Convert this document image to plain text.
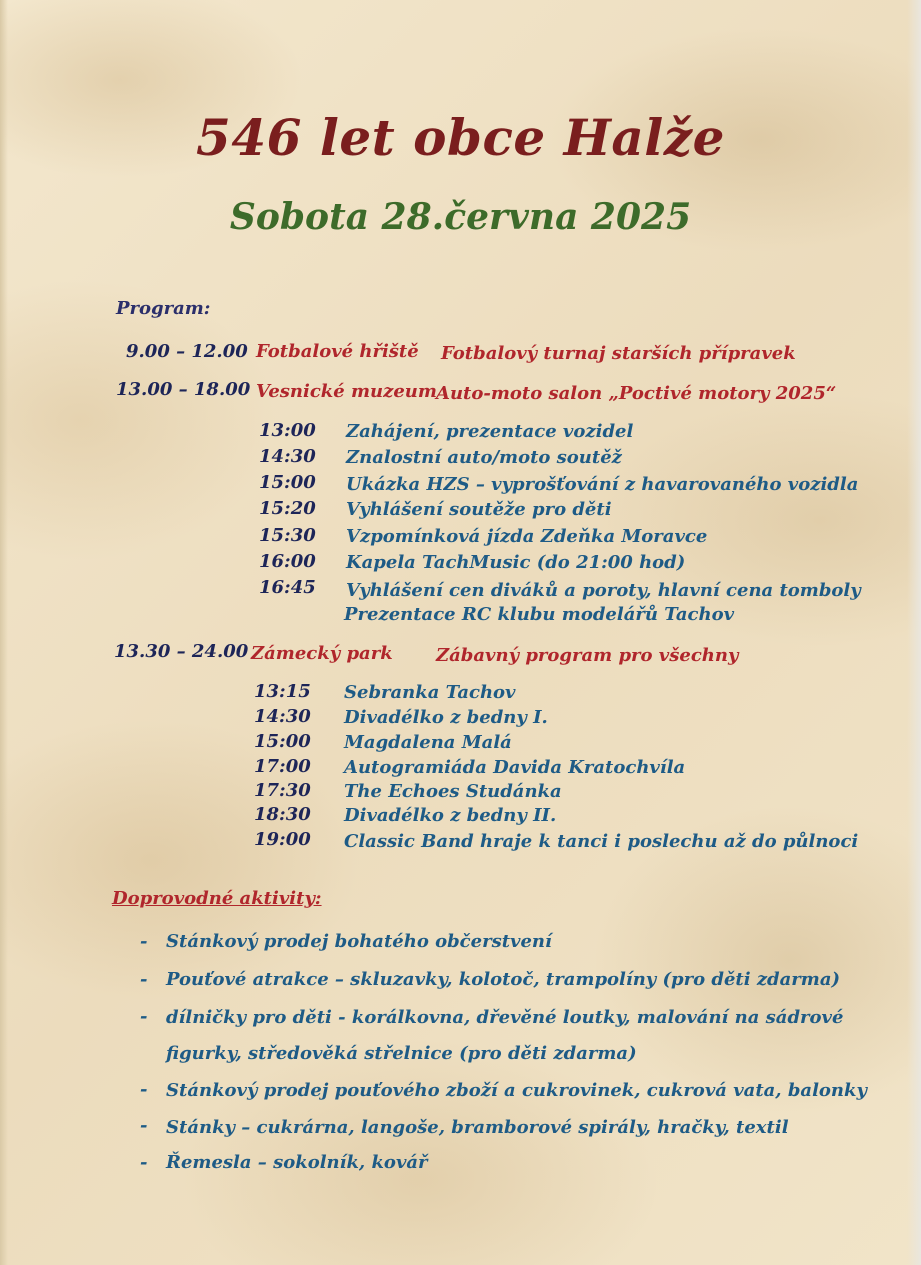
546 let obce Halže
Sobota 28.června 2025
Program:
9.00 – 12.00 Fotbalové hřiště Fotbalový turnaj starších přípravek
13.00 – 18.00 Vesnické muzeum Auto-moto salon „Poctivé motory 2025“
13:00 Zahájení, prezentace vozidel
14:30 Znalostní auto/moto soutěž
15:00 Ukázka HZS – vyprošťování z havarovaného vozidla
15:20 Vyhlášení soutěže pro děti
15:30 Vzpomínková jízda Zdeňka Moravce
16:00 Kapela TachMusic (do 21:00 hod)
16:45 Vyhlášení cen diváků a poroty, hlavní cena tomboly
Prezentace RC klubu modelářů Tachov
13.30 – 24.00 Zámecký park Zábavný program pro všechny
13:15 Sebranka Tachov
14:30 Divadélko z bedny I.
15:00 Magdalena Malá
17:00 Autogramiáda Davida Kratochvíla
17:30 The Echoes Studánka
18:30 Divadélko z bedny II.
19:00 Classic Band hraje k tanci i poslechu až do půlnoci
Doprovodné aktivity:
- Stánkový prodej bohatého občerstvení
- Pouťové atrakce – skluzavky, kolotoč, trampolíny (pro děti zdarma)
- dílničky pro děti - korálkovna, dřevěné loutky, malování na sádrové
figurky, středověká střelnice (pro děti zdarma)
- Stánkový prodej pouťového zboží a cukrovinek, cukrová vata, balonky
- Stánky – cukrárna, langoše, bramborové spirály, hračky, textil
- Řemesla – sokolník, kovář
